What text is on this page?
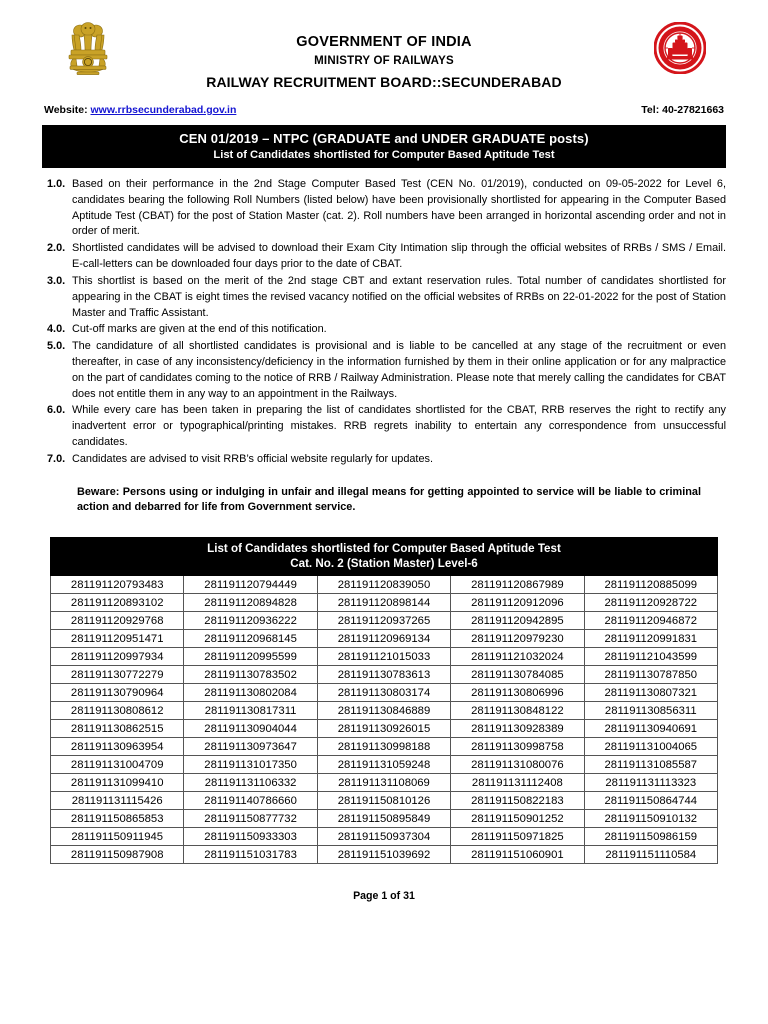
GOVERNMENT OF INDIA
MINISTRY OF RAILWAYS
RAILWAY RECRUITMENT BOARD::SECUNDERABAD
Website: www.rrbsecunderabad.gov.in	Tel: 40-27821663
CEN 01/2019 – NTPC (GRADUATE and UNDER GRADUATE posts)
List of Candidates shortlisted for Computer Based Aptitude Test
1.0. Based on their performance in the 2nd Stage Computer Based Test (CEN No. 01/2019), conducted on 09-05-2022 for Level 6, candidates bearing the following Roll Numbers (listed below) have been provisionally shortlisted for appearing in the Computer Based Aptitude Test (CBAT) for the post of Station Master (cat. 2). Roll numbers have been arranged in horizontal ascending order and not in order of merit.
2.0. Shortlisted candidates will be advised to download their Exam City Intimation slip through the official websites of RRBs / SMS / Email. E-call-letters can be downloaded four days prior to the date of CBAT.
3.0. This shortlist is based on the merit of the 2nd stage CBT and extant reservation rules. Total number of candidates shortlisted for appearing in the CBAT is eight times the revised vacancy notified on the official websites of RRBs on 22-01-2022 for the post of Station Master and Traffic Assistant.
4.0. Cut-off marks are given at the end of this notification.
5.0. The candidature of all shortlisted candidates is provisional and is liable to be cancelled at any stage of the recruitment or even thereafter, in case of any inconsistency/deficiency in the information furnished by them in their online application or for any malpractice on the part of candidates coming to the notice of RRB / Railway Administration. Please note that merely calling the candidates for CBAT does not entitle them in any way to an appointment in the Railways.
6.0. While every care has been taken in preparing the list of candidates shortlisted for the CBAT, RRB reserves the right to rectify any inadvertent error or typographical/printing mistakes. RRB regrets inability to entertain any correspondence from unsuccessful candidates.
7.0. Candidates are advised to visit RRB’s official website regularly for updates.
Beware: Persons using or indulging in unfair and illegal means for getting appointed to service will be liable to criminal action and debarred for life from Government service.
List of Candidates shortlisted for Computer Based Aptitude Test
Cat. No. 2 (Station Master) Level-6				

281191120793483	281191120794449	281191120839050	281191120867989	281191120885099
281191120893102	281191120894828	281191120898144	281191120912096	281191120928722
281191120929768	281191120936222	281191120937265	281191120942895	281191120946872
281191120951471	281191120968145	281191120969134	281191120979230	281191120991831
281191120997934	281191120995599	281191121015033	281191121032024	281191121043599
281191130772279	281191130783502	281191130783613	281191130784085	281191130787850
281191130790964	281191130802084	281191130803174	281191130806996	281191130807321
281191130808612	281191130817311	281191130846889	281191130848122	281191130856311
281191130862515	281191130904044	281191130926015	281191130928389	281191130940691
281191130963954	281191130973647	281191130998188	281191130998758	281191131004065
281191131004709	281191131017350	281191131059248	281191131080076	281191131085587
281191131099410	281191131106332	281191131108069	281191131112408	281191131113323
281191131115426	281191140786660	281191150810126	281191150822183	281191150864744
281191150865853	281191150877732	281191150895849	281191150901252	281191150910132
281191150911945	281191150933303	281191150937304	281191150971825	281191150986159
281191150987908	281191151031783	281191151039692	281191151060901	281191151110584
Page 1 of 31
